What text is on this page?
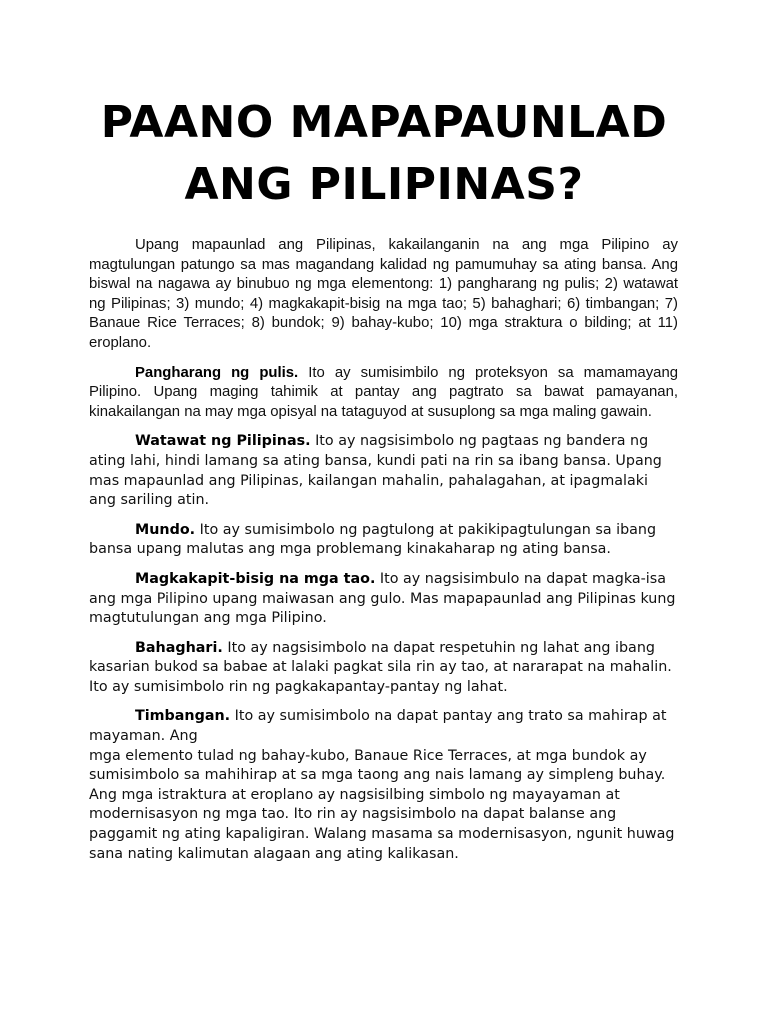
PAANO MAPAPAUNLAD
ANG PILIPINAS?

Upang mapaunlad ang Pilipinas, kakailanganin na ang mga Pilipino ay magtulungan patungo sa mas magandang kalidad ng pamumuhay sa ating bansa. Ang biswal na nagawa ay binubuo ng mga elementong: 1) pangharang ng pulis; 2) watawat ng Pilipinas; 3) mundo; 4) magkakapit-bisig na mga tao; 5) bahaghari; 6) timbangan; 7) Banaue Rice Terraces; 8) bundok; 9) bahay-kubo; 10) mga straktura o bilding; at 11) eroplano.

Pangharang ng pulis. Ito ay sumisimbilo ng proteksyon sa mamamayang Pilipino. Upang maging tahimik at pantay ang pagtrato sa bawat pamayanan, kinakailangan na may mga opisyal na tataguyod at susuplong sa mga maling gawain.

Watawat ng Pilipinas. Ito ay nagsisimbolo ng pagtaas ng bandera ng ating lahi, hindi lamang sa ating bansa, kundi pati na rin sa ibang bansa. Upang mas mapaunlad ang Pilipinas, kailangan mahalin, pahalagahan, at ipagmalaki ang sariling atin.

Mundo. Ito ay sumisimbolo ng pagtulong at pakikipagtulungan sa ibang bansa upang malutas ang mga problemang kinakaharap ng ating bansa.

Magkakapit-bisig na mga tao. Ito ay nagsisimbulo na dapat magka-isa ang mga Pilipino upang maiwasan ang gulo. Mas mapapaunlad ang Pilipinas kung magtutulungan ang mga Pilipino.

Bahaghari. Ito ay nagsisimbolo na dapat respetuhin ng lahat ang ibang kasarian bukod sa babae at lalaki pagkat sila rin ay tao, at nararapat na mahalin. Ito ay sumisimbolo rin ng pagkakapantay-pantay ng lahat.

Timbangan. Ito ay sumisimbolo na dapat pantay ang trato sa mahirap at mayaman. Ang

mga elemento tulad ng bahay-kubo, Banaue Rice Terraces, at mga bundok ay sumisimbolo sa mahihirap at sa mga taong ang nais lamang ay simpleng buhay. Ang mga istraktura at eroplano ay nagsisilbing simbolo ng mayayaman at modernisasyon ng mga tao. Ito rin ay nagsisimbolo na dapat balanse ang paggamit ng ating kapaligiran. Walang masama sa modernisasyon, ngunit huwag sana nating kalimutan alagaan ang ating kalikasan.
